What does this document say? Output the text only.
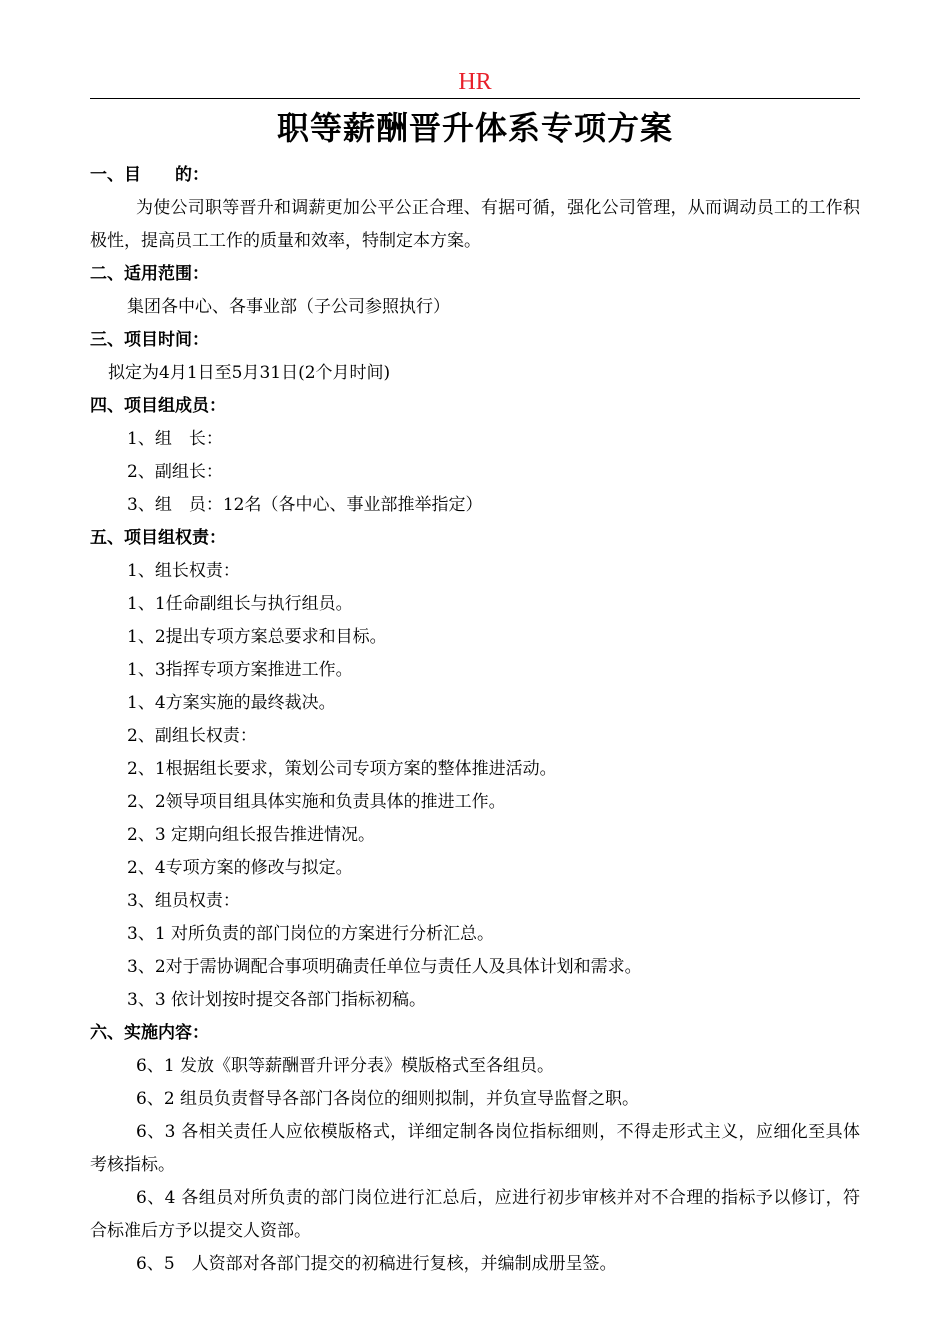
HR
职等薪酬晋升体系专项方案
一、目　　的：
为使公司职等晋升和调薪更加公平公正合理、有据可循，强化公司管理，从而调动员工的工作积极性，提高员工工作的质量和效率，特制定本方案。
二、适用范围：
集团各中心、各事业部（子公司参照执行）
三、项目时间：
拟定为4月1日至5月31日(2个月时间)
四、项目组成员：
1、组　长：
2、副组长：
3、组　员：12名（各中心、事业部推举指定）
五、项目组权责：
1、组长权责：
1、1任命副组长与执行组员。
1、2提出专项方案总要求和目标。
1、3指挥专项方案推进工作。
1、4方案实施的最终裁决。
2、副组长权责：
2、1根据组长要求，策划公司专项方案的整体推进活动。
2、2领导项目组具体实施和负责具体的推进工作。
2、3 定期向组长报告推进情况。
2、4专项方案的修改与拟定。
3、组员权责：
3、1 对所负责的部门岗位的方案进行分析汇总。
3、2对于需协调配合事项明确责任单位与责任人及具体计划和需求。
3、3 依计划按时提交各部门指标初稿。
六、实施内容：
6、1 发放《职等薪酬晋升评分表》模版格式至各组员。
6、2 组员负责督导各部门各岗位的细则拟制，并负宣导监督之职。
6、3 各相关责任人应依模版格式，详细定制各岗位指标细则，不得走形式主义，应细化至具体考核指标。
6、4 各组员对所负责的部门岗位进行汇总后，应进行初步审核并对不合理的指标予以修订，符合标准后方予以提交人资部。
6、5　人资部对各部门提交的初稿进行复核，并编制成册呈签。
